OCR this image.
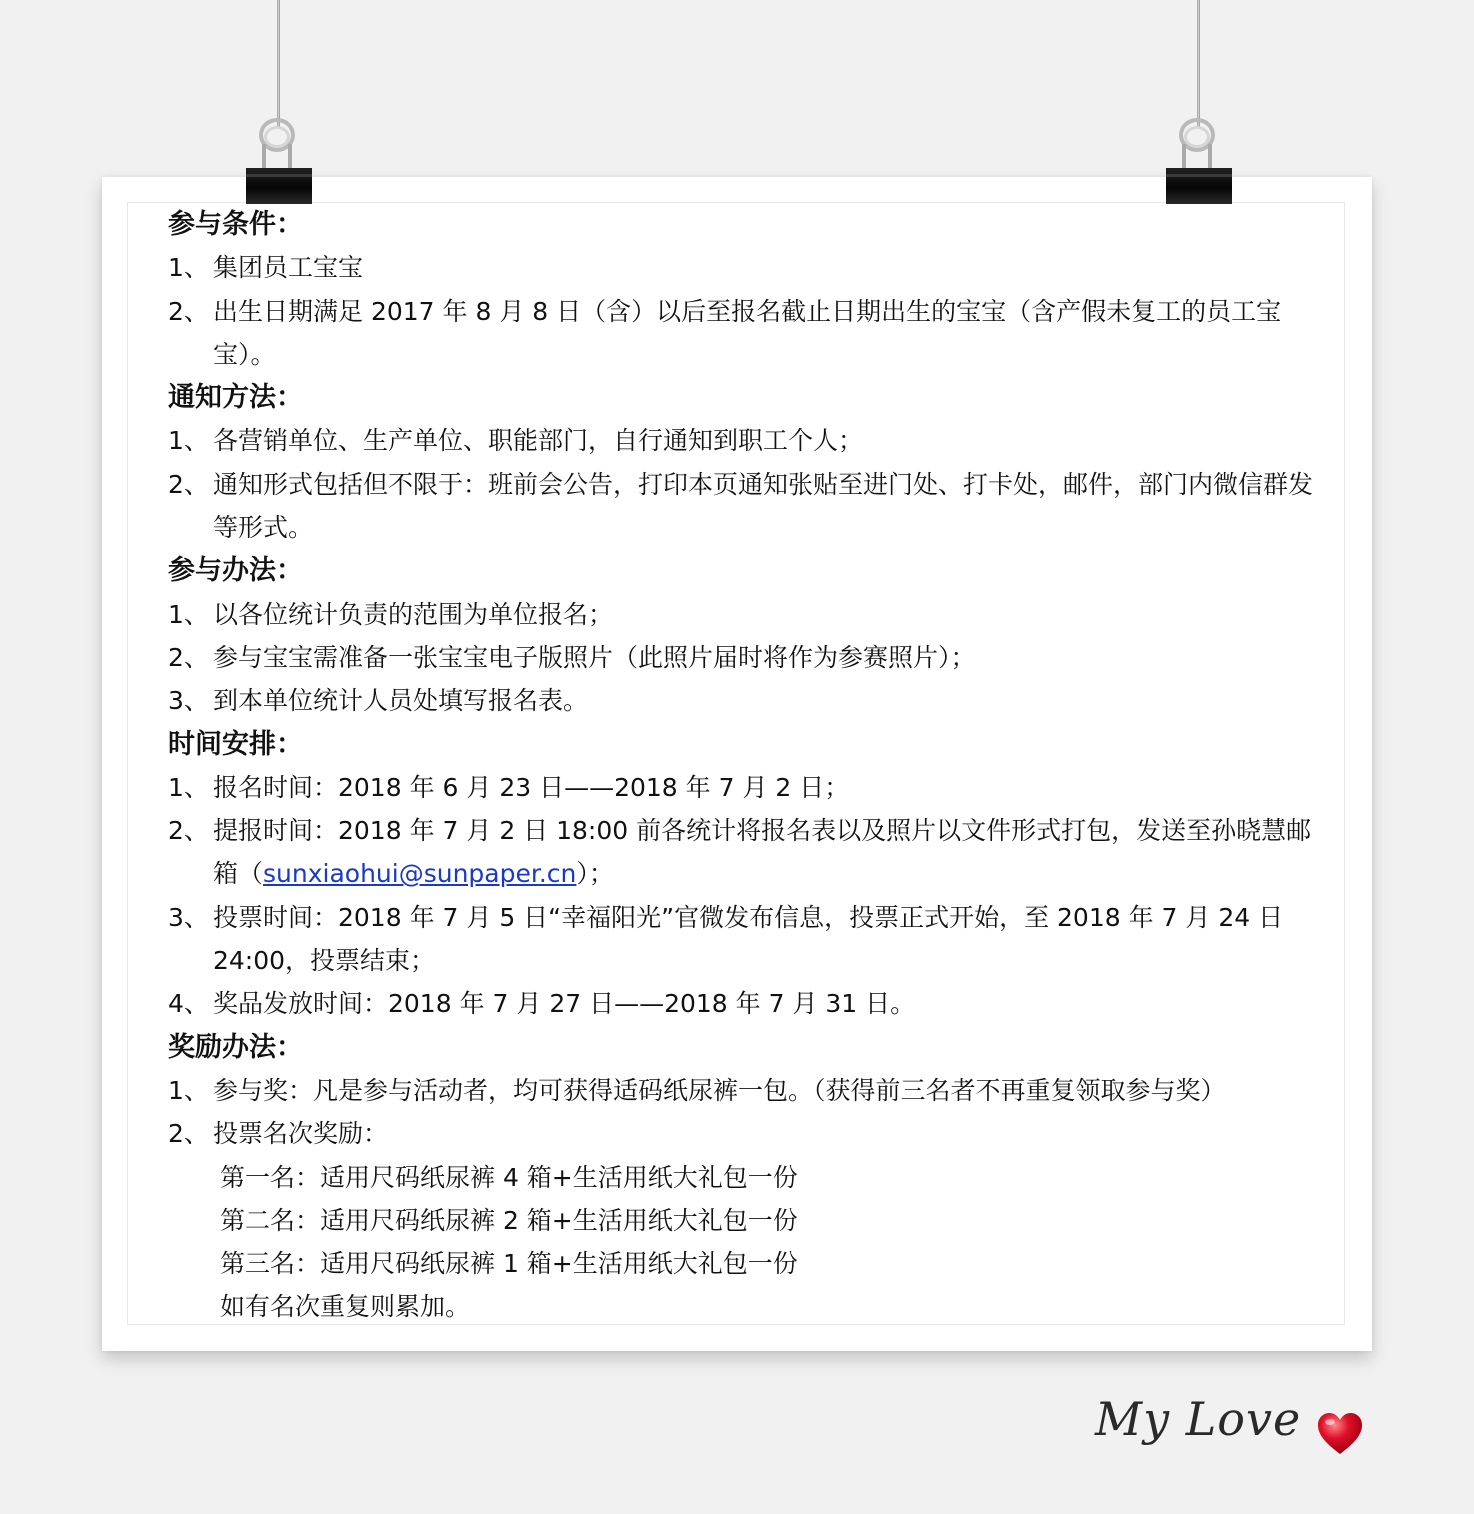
参与条件：
1、 集团员工宝宝
2、 出生日期满足 2017 年 8 月 8 日（含）以后至报名截止日期出生的宝宝（含产假未复工的员工宝宝）。
通知方法：
1、 各营销单位、生产单位、职能部门，自行通知到职工个人；
2、 通知形式包括但不限于：班前会公告，打印本页通知张贴至进门处、打卡处，邮件，部门内微信群发等形式。
参与办法：
1、 以各位统计负责的范围为单位报名；
2、 参与宝宝需准备一张宝宝电子版照片（此照片届时将作为参赛照片）；
3、 到本单位统计人员处填写报名表。
时间安排：
1、 报名时间：2018 年 6 月 23 日——2018 年 7 月 2 日；
2、 提报时间：2018 年 7 月 2 日 18:00 前各统计将报名表以及照片以文件形式打包，发送至孙晓慧邮箱（sunxiaohui@sunpaper.cn）；
3、 投票时间：2018 年 7 月 5 日“幸福阳光”官微发布信息，投票正式开始，至 2018 年 7 月 24 日 24:00，投票结束；
4、 奖品发放时间：2018 年 7 月 27 日——2018 年 7 月 31 日。
奖励办法：
1、 参与奖：凡是参与活动者，均可获得适码纸尿裤一包。（获得前三名者不再重复领取参与奖）
2、 投票名次奖励：
第一名：适用尺码纸尿裤 4 箱+生活用纸大礼包一份
第二名：适用尺码纸尿裤 2 箱+生活用纸大礼包一份
第三名：适用尺码纸尿裤 1 箱+生活用纸大礼包一份
如有名次重复则累加。
My Love
